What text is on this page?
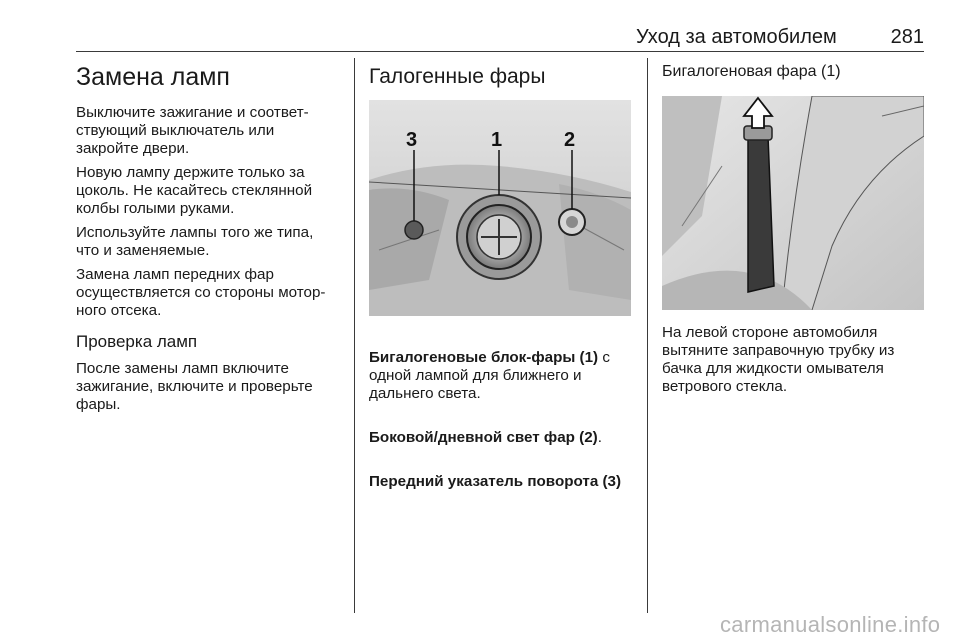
Уход за автомобилем	281
Замена ламп
Выключите зажигание и соответ-
ствующий выключатель или
закройте двери.
Новую лампу держите только за
цоколь. Не касайтесь стеклянной
колбы голыми руками.
Используйте лампы того же типа,
что и заменяемые.
Замена ламп передних фар
осуществляется со стороны мотор-
ного отсека.
Проверка ламп
После замены ламп включите
зажигание, включите и проверьте
фары.
Галогенные фары
3	1	2

Бигалогеновые блок-фары (1) с
одной лампой для ближнего и
дальнего света.

Боковой/дневной свет фар (2).

Передний указатель поворота (3)

Бигалогеновая фара (1)
На левой стороне автомобиля
вытяните заправочную трубку из
бачка для жидкости омывателя
ветрового стекла.
carmanualsonline.info
